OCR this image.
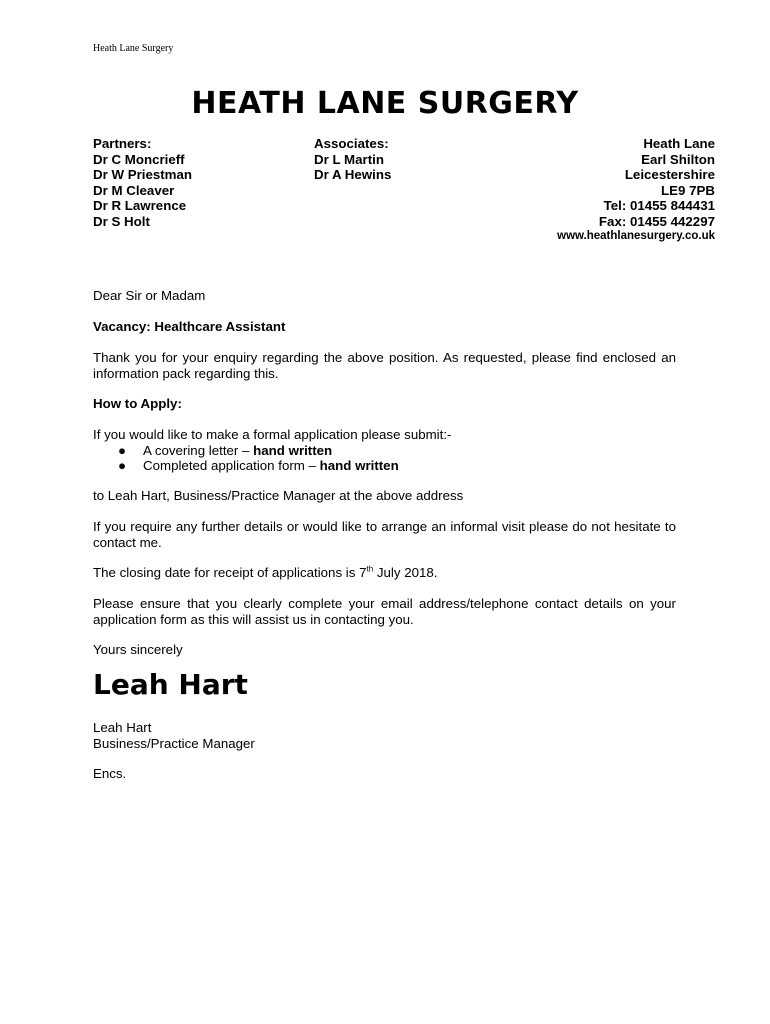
Heath Lane Surgery
HEATH LANE SURGERY
Partners:
Dr C Moncrieff
Dr W Priestman
Dr M Cleaver
Dr R Lawrence
Dr S Holt
Associates:
Dr L Martin
Dr A Hewins
Heath Lane
Earl Shilton
Leicestershire
LE9 7PB
Tel: 01455 844431
Fax: 01455 442297
www.heathlanesurgery.co.uk
Dear Sir or Madam
Vacancy: Healthcare Assistant
Thank you for your enquiry regarding the above position. As requested, please find enclosed an information pack regarding this.
How to Apply:
If you would like to make a formal application please submit:-
● A covering letter – hand written
● Completed application form – hand written
to Leah Hart, Business/Practice Manager at the above address
If you require any further details or would like to arrange an informal visit please do not hesitate to contact me.
The closing date for receipt of applications is 7th July 2018.
Please ensure that you clearly complete your email address/telephone contact details on your application form as this will assist us in contacting you.
Yours sincerely
Leah Hart
Leah Hart
Business/Practice Manager
Encs.
